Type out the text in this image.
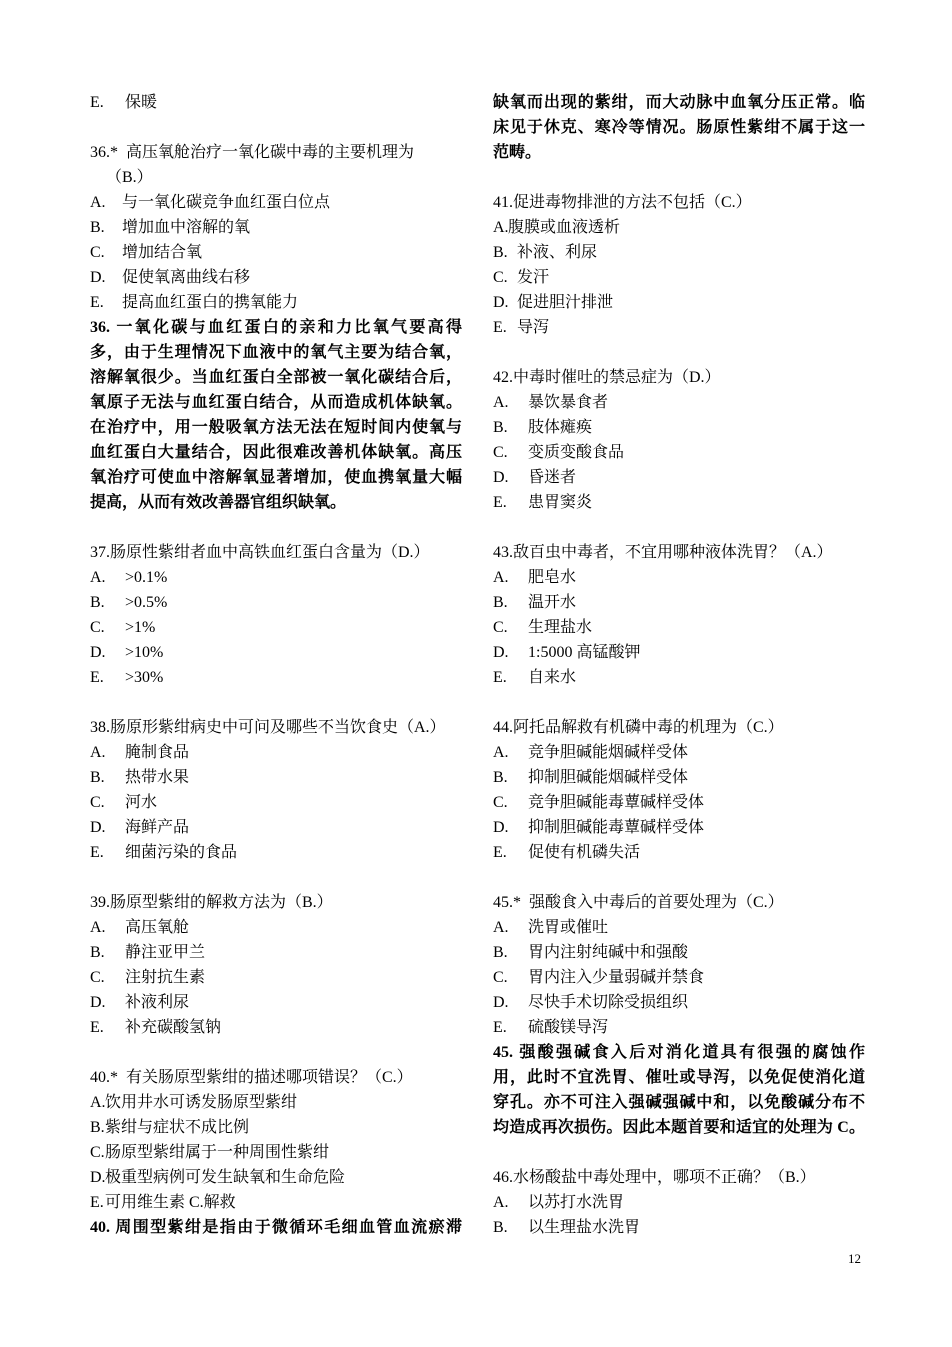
E. 保暖
36.*  高压氧舱治疗一氧化碳中毒的主要机理为
（B.）
A. 与一氧化碳竞争血红蛋白位点
B. 增加血中溶解的氧
C. 增加结合氧
D. 促使氧离曲线右移
E. 提高血红蛋白的携氧能力
36. 一氧化碳与血红蛋白的亲和力比氧气要高得
多，由于生理情况下血液中的氧气主要为结合氧，
溶解氧很少。当血红蛋白全部被一氧化碳结合后，
氧原子无法与血红蛋白结合，从而造成机体缺氧。
在治疗中，用一般吸氧方法无法在短时间内使氧与
血红蛋白大量结合，因此很难改善机体缺氧。高压
氧治疗可使血中溶解氧显著增加，使血携氧量大幅
提高，从而有效改善器官组织缺氧。
37.肠原性紫绀者血中高铁血红蛋白含量为（D.）
A. >0.1%
B. >0.5%
C. >1%
D. >10%
E. >30%
38.肠原形紫绀病史中可问及哪些不当饮食史（A.）
A. 腌制食品
B. 热带水果
C. 河水
D. 海鲜产品
E. 细菌污染的食品
39.肠原型紫绀的解救方法为（B.）
A. 高压氧舱
B. 静注亚甲兰
C. 注射抗生素
D. 补液利尿
E. 补充碳酸氢钠
40.*  有关肠原型紫绀的描述哪项错误？（C.）
A.饮用井水可诱发肠原型紫绀
B.紫绀与症状不成比例
C.肠原型紫绀属于一种周围性紫绀
D.极重型病例可发生缺氧和生命危险
E.可用维生素 C.解救
40. 周围型紫绀是指由于微循环毛细血管血流瘀滞
缺氧而出现的紫绀，而大动脉中血氧分压正常。临
床见于休克、寒冷等情况。肠原性紫绀不属于这一
范畴。
41.促进毒物排泄的方法不包括（C.）
A.腹膜或血液透析
B. 补液、利尿
C. 发汗
D. 促进胆汁排泄
E. 导泻
42.中毒时催吐的禁忌症为（D.）
A. 暴饮暴食者
B. 肢体瘫痪
C. 变质变酸食品
D. 昏迷者
E. 患胃窦炎
43.敌百虫中毒者，不宜用哪种液体洗胃？（A.）
A. 肥皂水
B. 温开水
C. 生理盐水
D. 1:5000 高锰酸钾
E. 自来水
44.阿托品解救有机磷中毒的机理为（C.）
A. 竞争胆碱能烟碱样受体
B. 抑制胆碱能烟碱样受体
C. 竞争胆碱能毒蕈碱样受体
D. 抑制胆碱能毒蕈碱样受体
E. 促使有机磷失活
45.*  强酸食入中毒后的首要处理为（C.）
A. 洗胃或催吐
B. 胃内注射纯碱中和强酸
C. 胃内注入少量弱碱并禁食
D. 尽快手术切除受损组织
E. 硫酸镁导泻
45. 强酸强碱食入后对消化道具有很强的腐蚀作
用，此时不宜洗胃、催吐或导泻，以免促使消化道
穿孔。亦不可注入强碱强碱中和，以免酸碱分布不
均造成再次损伤。因此本题首要和适宜的处理为 C。
46.水杨酸盐中毒处理中，哪项不正确？（B.）
A. 以苏打水洗胃
B. 以生理盐水洗胃
12
